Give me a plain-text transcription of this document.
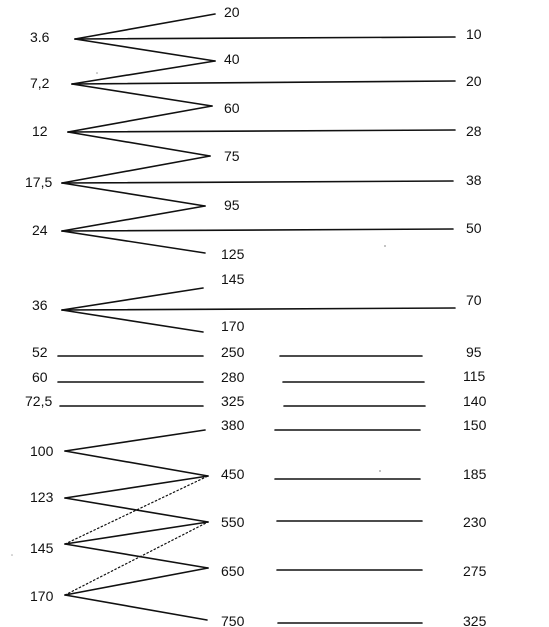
3.6
7,2
12
17,5
24
36
52
60
72,5
100
123
145
170
20
40
60
75
95
125
145
170
250
280
325
380
450
550
650
750
10
20
28
38
50
70
95
115
140
150
185
230
275
325
